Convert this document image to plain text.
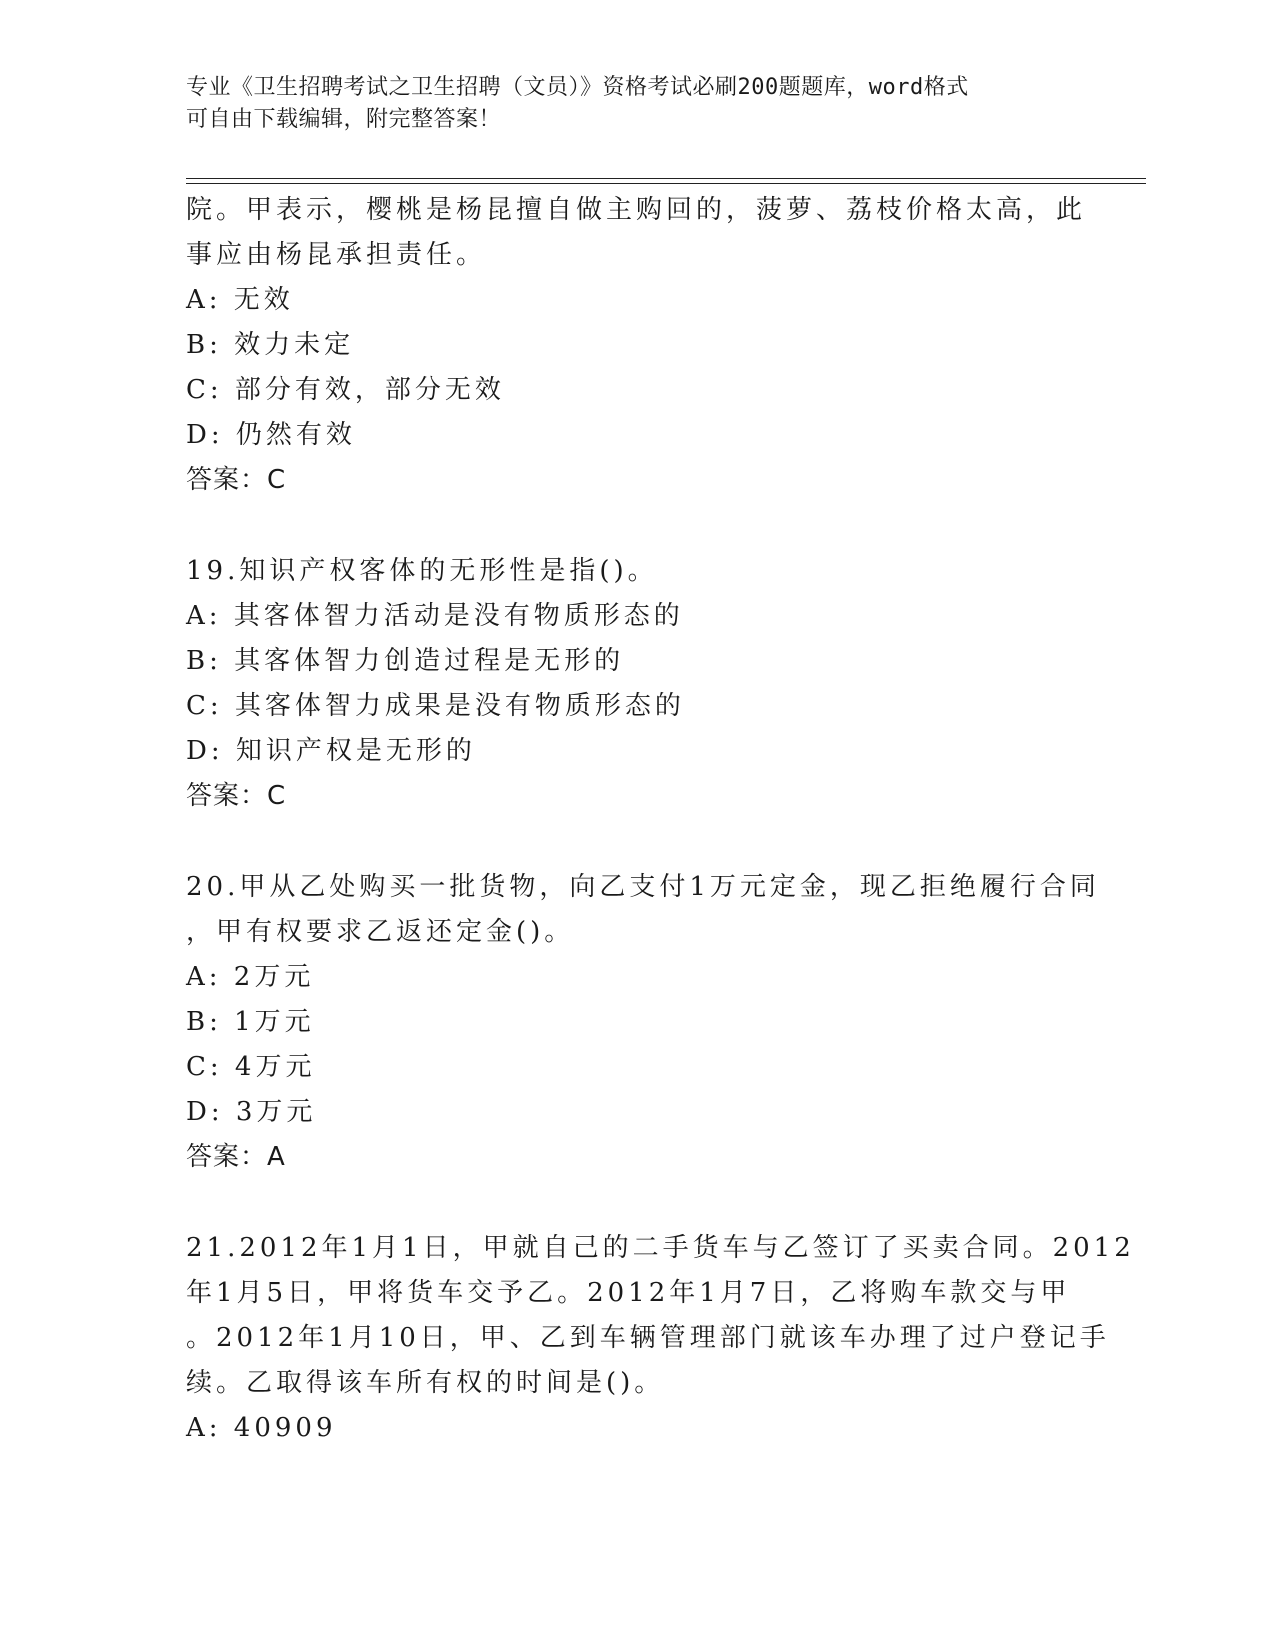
专业《卫生招聘考试之卫生招聘（文员）》资格考试必刷200题题库，word格式
可自由下载编辑，附完整答案！
院。甲表示，樱桃是杨昆擅自做主购回的，菠萝、荔枝价格太高，此
事应由杨昆承担责任。
A: 无效
B: 效力未定
C: 部分有效，部分无效
D: 仍然有效
答案：C
19.知识产权客体的无形性是指()。
A: 其客体智力活动是没有物质形态的
B: 其客体智力创造过程是无形的
C: 其客体智力成果是没有物质形态的
D: 知识产权是无形的
答案：C
20.甲从乙处购买一批货物，向乙支付1万元定金，现乙拒绝履行合同
，甲有权要求乙返还定金()。
A: 2万元
B: 1万元
C: 4万元
D: 3万元
答案：A
21.2012年1月1日，甲就自己的二手货车与乙签订了买卖合同。2012
年1月5日，甲将货车交予乙。2012年1月7日，乙将购车款交与甲
。2012年1月10日，甲、乙到车辆管理部门就该车办理了过户登记手
续。乙取得该车所有权的时间是()。
A: 40909
